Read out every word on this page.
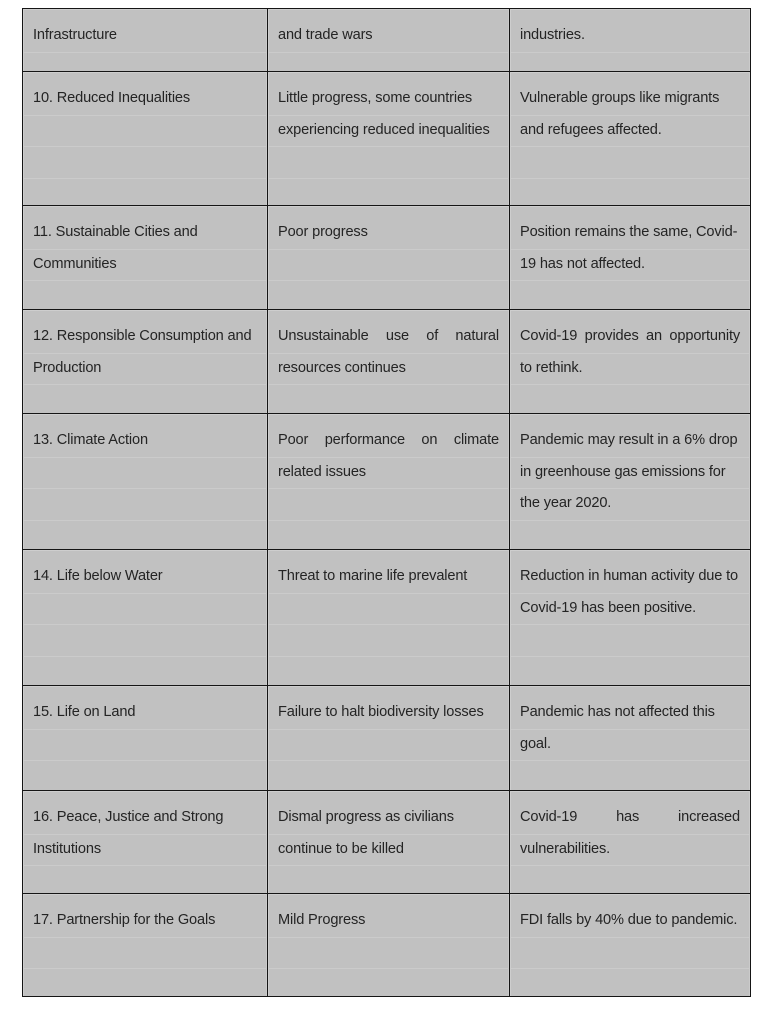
Infrastructure	and trade wars	industries.

10. Reduced Inequalities	Little progress, some countries experiencing reduced inequalities	Vulnerable groups like migrants and refugees affected.

11. Sustainable Cities and Communities	Poor progress	Position remains the same, Covid-19 has not affected.

12. Responsible Consumption and Production	Unsustainable use of natural resources continues	Covid-19 provides an opportunity to rethink.

13. Climate Action	Poor performance on climate related issues	Pandemic may result in a 6% drop in greenhouse gas emissions for the year 2020.

14. Life below Water	Threat to marine life prevalent	Reduction in human activity due to Covid-19 has been positive.

15. Life on Land	Failure to halt biodiversity losses	Pandemic has not affected this goal.

16. Peace, Justice and Strong Institutions	Dismal progress as civilians continue to be killed	Covid-19 has increased vulnerabilities.

17. Partnership for the Goals	Mild Progress	FDI falls by 40% due to pandemic.
